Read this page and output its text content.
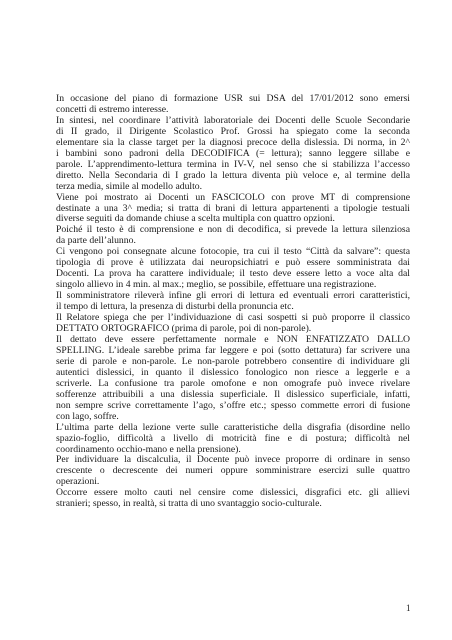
In occasione del piano di formazione USR sui DSA del 17/01/2012 sono emersi
concetti di estremo interesse.
In sintesi, nel coordinare l’attività laboratoriale dei Docenti delle Scuole Secondarie
di II grado, il Dirigente Scolastico Prof. Grossi ha spiegato come la seconda
elementare sia la classe target per la diagnosi precoce della dislessia. Di norma, in 2^
i bambini sono padroni della DECODIFICA (= lettura); sanno leggere sillabe e
parole. L’apprendimento-lettura termina in IV-V, nel senso che si stabilizza l’accesso
diretto. Nella Secondaria di I grado la lettura diventa più veloce e, al termine della
terza media, simile al modello adulto.
Viene poi mostrato ai Docenti un FASCICOLO con prove MT di comprensione
destinate a una 3^ media; si tratta di brani di lettura appartenenti a tipologie testuali
diverse seguiti da domande chiuse a scelta multipla con quattro opzioni.
Poiché il testo è di comprensione e non di decodifica, si prevede la lettura silenziosa
da parte dell’alunno.
Ci vengono poi consegnate alcune fotocopie, tra cui il testo “Città da salvare”: questa
tipologia di prove è utilizzata dai neuropsichiatri e può essere somministrata dai
Docenti. La prova ha carattere individuale; il testo deve essere letto a voce alta dal
singolo allievo in 4 min. al max.; meglio, se possibile, effettuare una registrazione.
Il somministratore rileverà infine gli errori di lettura ed eventuali errori caratteristici,
il tempo di lettura, la presenza di disturbi della pronuncia etc.
Il Relatore spiega che per l’individuazione di casi sospetti si può proporre il classico
DETTATO ORTOGRAFICO (prima di parole, poi di non-parole).
Il dettato deve essere perfettamente normale e NON ENFATIZZATO DALLO
SPELLING. L’ideale sarebbe prima far leggere e poi (sotto dettatura) far scrivere una
serie di parole e non-parole. Le non-parole potrebbero consentire di individuare gli
autentici dislessici, in quanto il dislessico fonologico non riesce a leggerle e a
scriverle. La confusione tra parole omofone e non omografe può invece rivelare
sofferenze attribuibili a una dislessia superficiale. Il dislessico superficiale, infatti,
non sempre scrive correttamente l’ago, s’offre etc.; spesso commette errori di fusione
con lago, soffre.
L’ultima parte della lezione verte sulle caratteristiche della disgrafia (disordine nello
spazio-foglio, difficoltà a livello di motricità fine e di postura; difficoltà nel
coordinamento occhio-mano e nella prensione).
Per individuare la discalculia, il Docente può invece proporre di ordinare in senso
crescente o decrescente dei numeri oppure somministrare esercizi sulle quattro
operazioni.
Occorre essere molto cauti nel censire come dislessici, disgrafici etc. gli allievi
stranieri; spesso, in realtà, si tratta di uno svantaggio socio-culturale.
1
